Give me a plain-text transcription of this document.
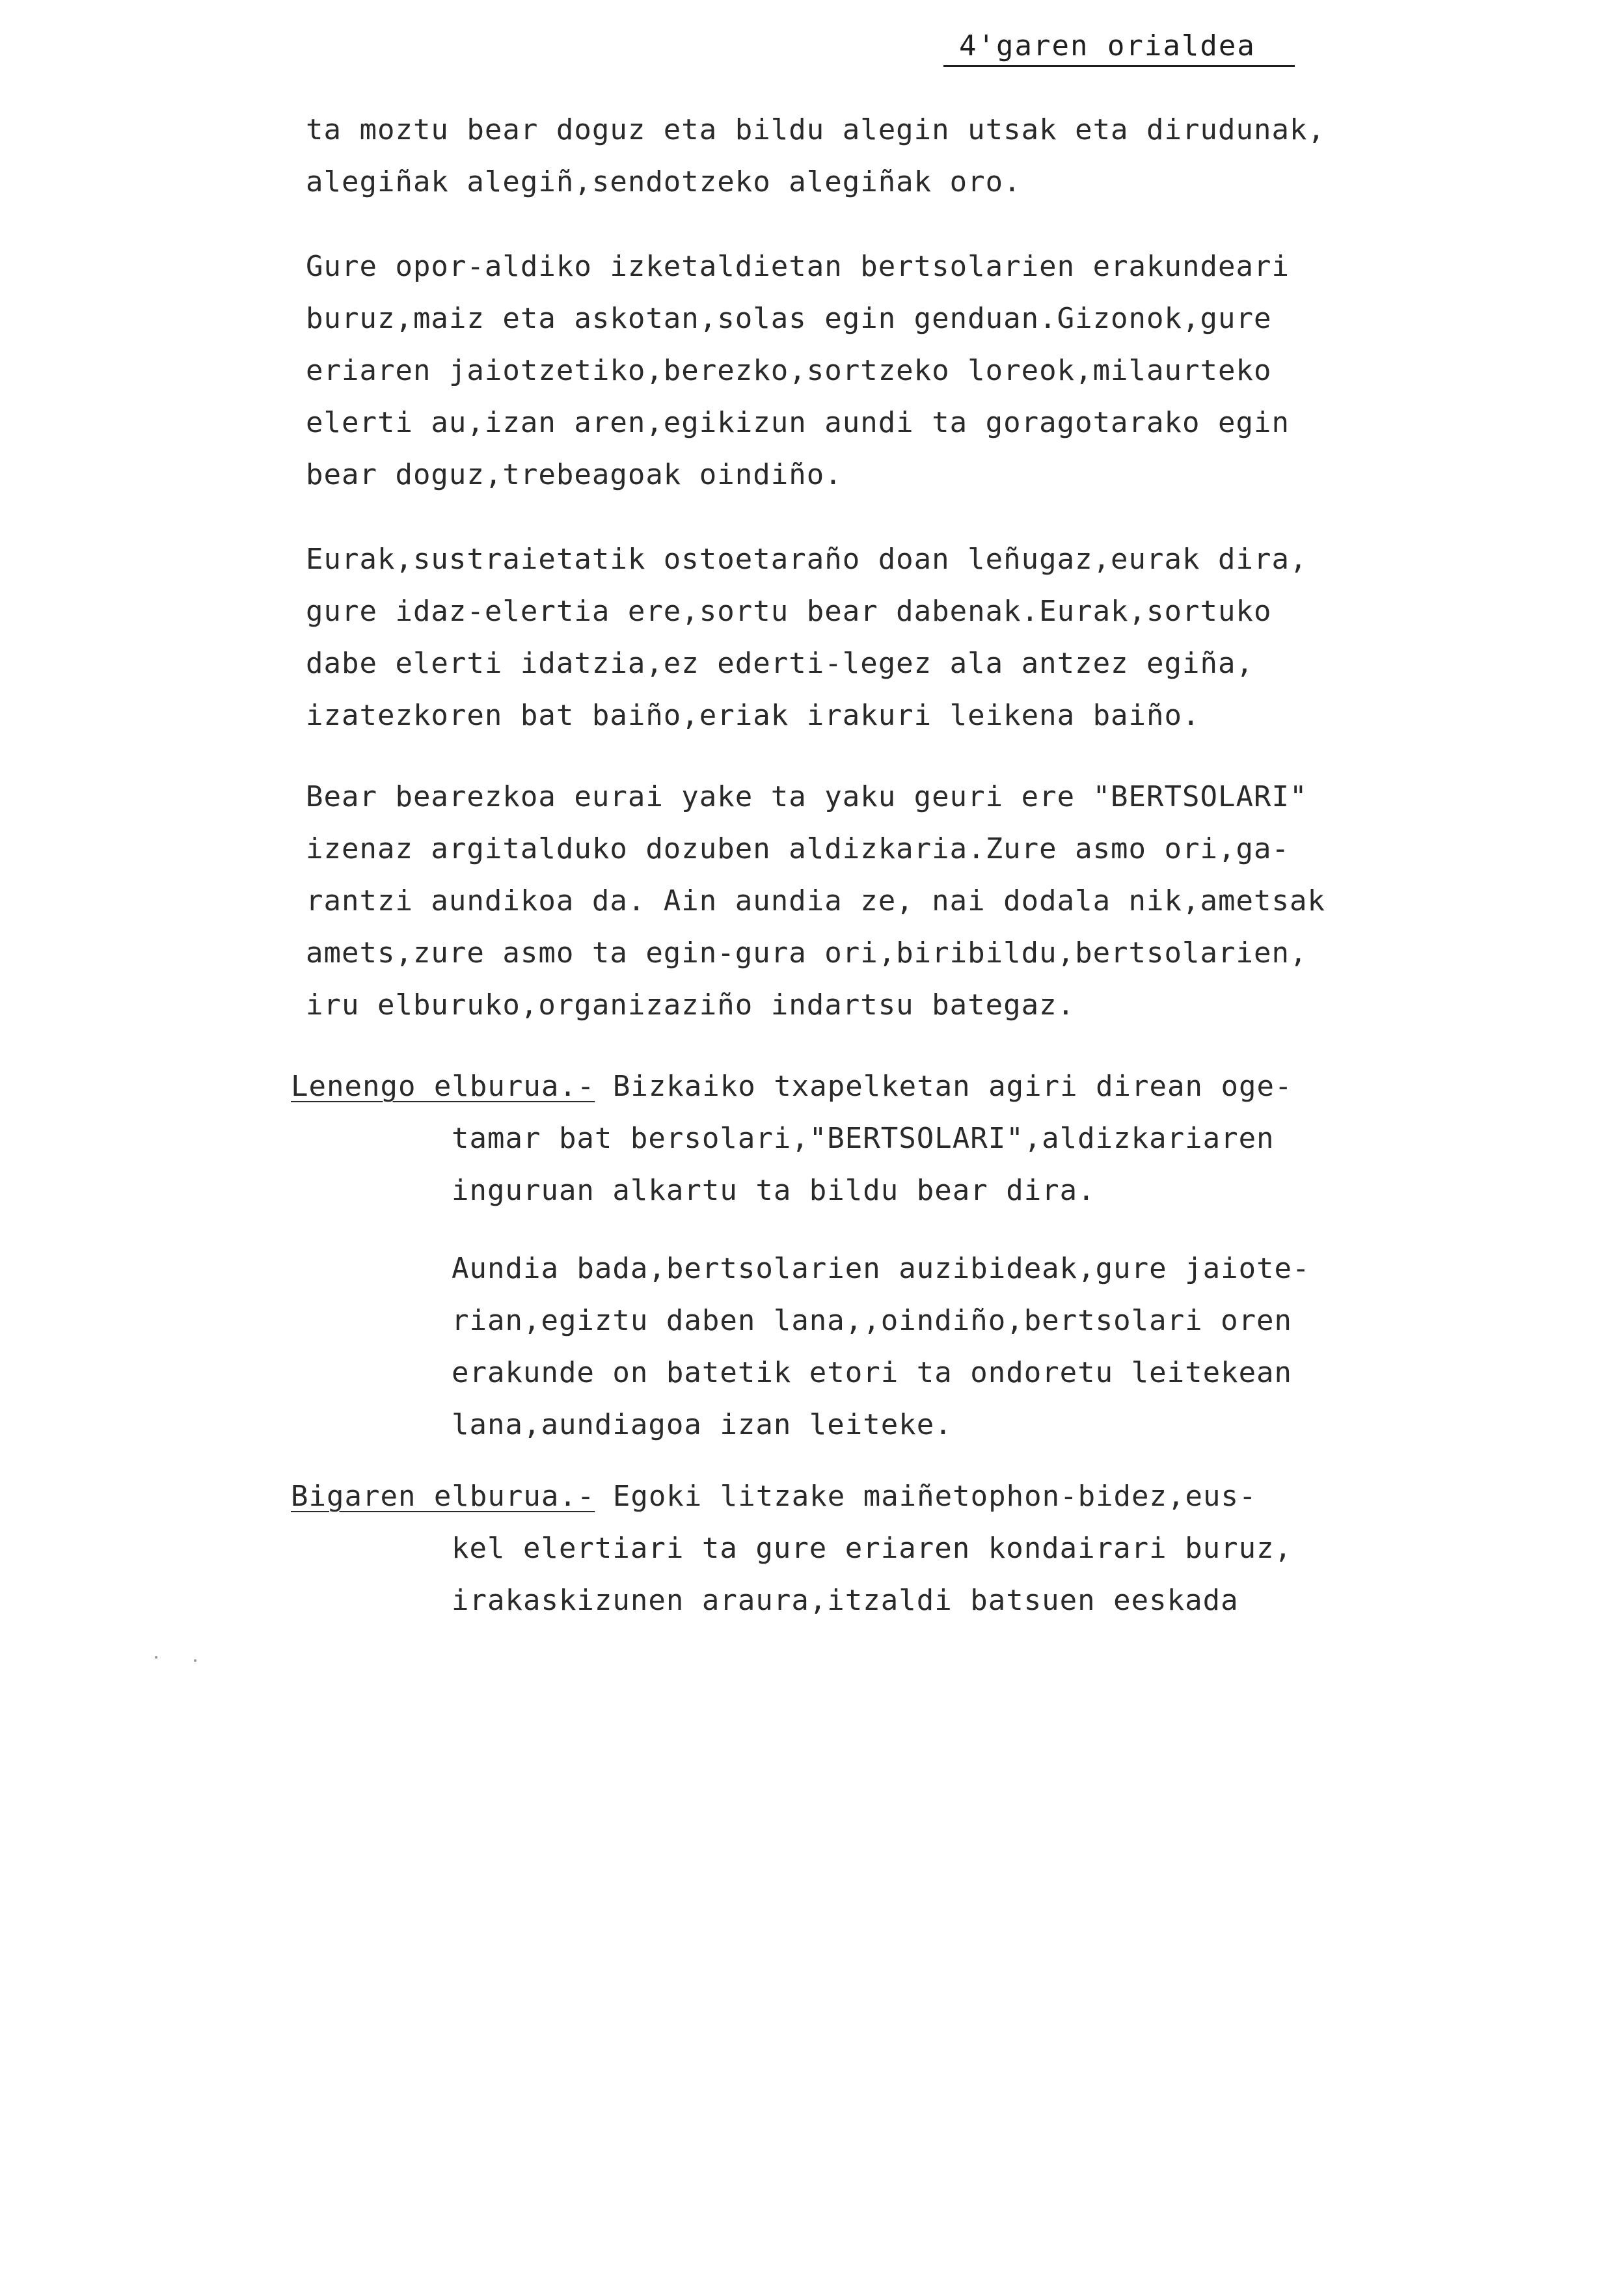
4'garen orialdea

ta moztu bear doguz eta bildu alegin utsak eta dirudunak,
alegiñak alegiñ,sendotzeko alegiñak oro.

Gure opor-aldiko izketaldietan bertsolarien erakundeari
buruz,maiz eta askotan,solas egin genduan.Gizonok,gure
eriaren jaiotzetiko,berezko,sortzeko loreok,milaurteko
elerti au,izan aren,egikizun aundi ta goragotarako egin
bear doguz,trebeagoak oindiño.

Eurak,sustraietatik ostoetaraño doan leñugaz,eurak dira,
gure idaz-elertia ere,sortu bear dabenak.Eurak,sortuko
dabe elerti idatzia,ez ederti-legez ala antzez egiña,
izatezkoren bat baiño,eriak irakuri leikena baiño.

Bear bearezkoa eurai yake ta yaku geuri ere "BERTSOLARI"
izenaz argitalduko dozuben aldizkaria.Zure asmo ori,ga-
rantzi aundikoa da. Ain aundia ze, nai dodala nik,ametsak
amets,zure asmo ta egin-gura ori,biribildu,bertsolarien,
iru elburuko,organizaziño indartsu bategaz.

Lenengo elburua.- Bizkaiko txapelketan agiri direan oge-
tamar bat bersolari,"BERTSOLARI",aldizkariaren
inguruan alkartu ta bildu bear dira.

Aundia bada,bertsolarien auzibideak,gure jaiote-
rian,egiztu daben lana,,oindiño,bertsolari oren
erakunde on batetik etori ta ondoretu leitekean
lana,aundiagoa izan leiteke.

Bigaren elburua.- Egoki litzake maiñetophon-bidez,eus-
kel elertiari ta gure eriaren kondairari buruz,
irakaskizunen araura,itzaldi batsuen eeskada
